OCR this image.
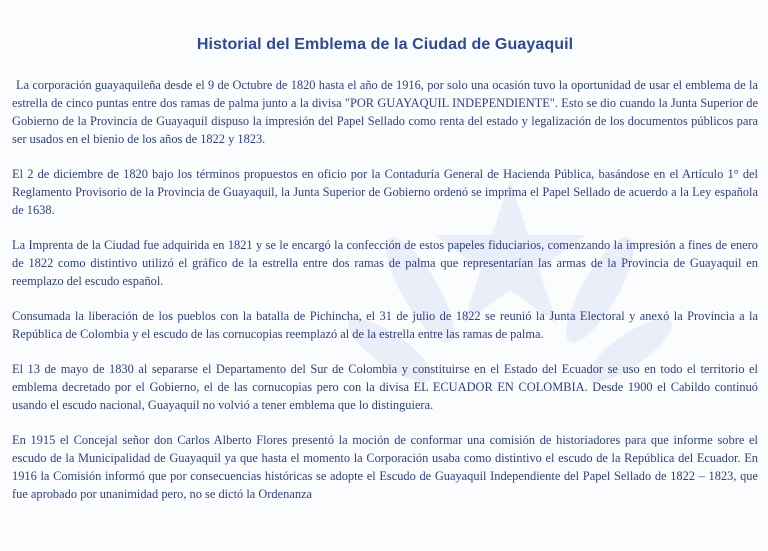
Historial del Emblema de la Ciudad de Guayaquil

La corporación guayaquileña desde el 9 de Octubre de 1820 hasta el año de 1916, por solo una ocasión tuvo la oportunidad de usar el emblema de la estrella de cinco puntas entre dos ramas de palma junto a la divisa "POR GUAYAQUIL INDEPENDIENTE". Esto se dio cuando la Junta Superior de Gobierno de la Provincia de Guayaquil dispuso la impresión del Papel Sellado como renta del estado y legalización de los documentos públicos para ser usados en el bienio de los años de 1822 y 1823.

El 2 de diciembre de 1820 bajo los términos propuestos en oficio por la Contaduría General de Hacienda Pública, basándose en el Artículo 1° del Reglamento Provisorio de la Provincia de Guayaquil, la Junta Superior de Gobierno ordenó se imprima el Papel Sellado de acuerdo a la Ley española de 1638.

La Imprenta de la Ciudad fue adquirida en 1821 y se le encargó la confección de estos papeles fiduciarios, comenzando la impresión a fines de enero de 1822 como distintivo utilizó el gráfico de la estrella entre dos ramas de palma que representarían las armas de la Provincia de Guayaquil en reemplazo del escudo español.

Consumada la liberación de los pueblos con la batalla de Pichincha, el 31 de julio de 1822 se reunió la Junta Electoral y anexó la Provincia a la República de Colombia y el escudo de las cornucopias reemplazó al de la estrella entre las ramas de palma.

El 13 de mayo de 1830 al separarse el Departamento del Sur de Colombia y constituirse en el Estado del Ecuador se uso en todo el territorio el emblema decretado por el Gobierno, el de las cornucopias pero con la divisa EL ECUADOR EN COLOMBIA. Desde 1900 el Cabildo continuó usando el escudo nacional, Guayaquil no volvió a tener emblema que lo distinguiera.

En 1915 el Concejal señor don Carlos Alberto Flores presentó la moción de conformar una comisión de historiadores para que informe sobre el escudo de la Municipalidad de Guayaquil ya que hasta el momento la Corporación usaba como distintivo el escudo de la República del Ecuador. En 1916 la Comisión informó que por consecuencias históricas se adopte el Escudo de Guayaquil Independiente del Papel Sellado de 1822 – 1823, que fue aprobado por unanimidad pero, no se dictó la Ordenanza
